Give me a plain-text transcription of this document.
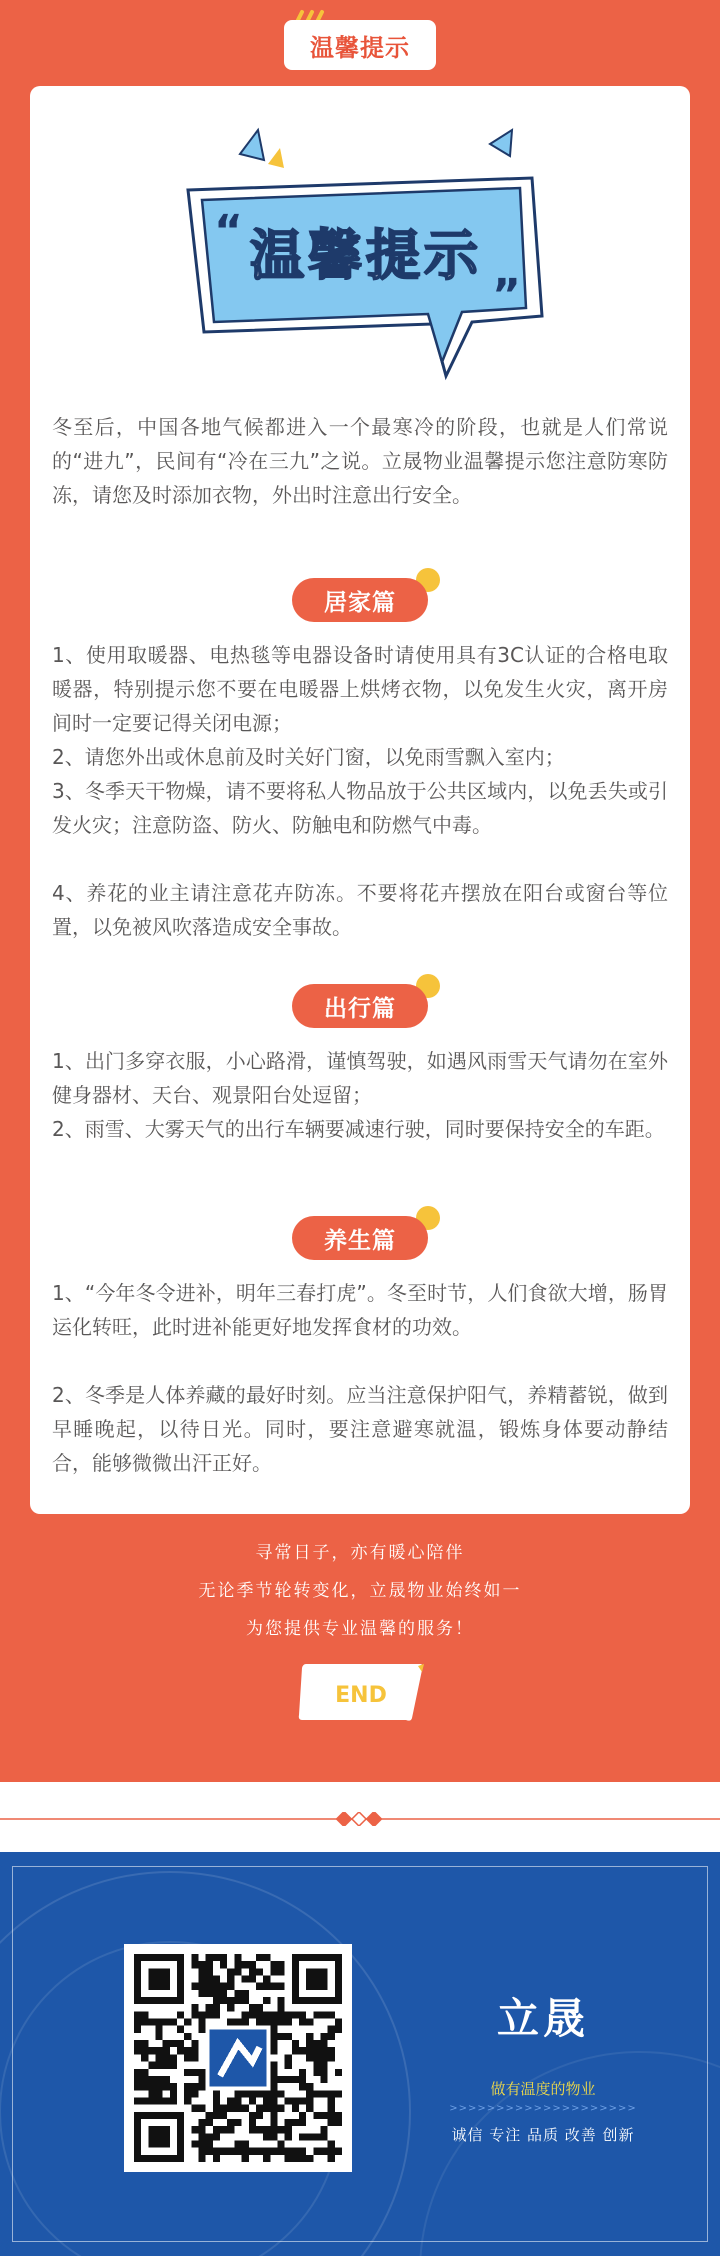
温馨提示
“
”
温馨提示
冬至后，中国各地气候都进入一个最寒冷的阶段，也就是人们常说的“进九”，民间有“冷在三九”之说。立晟物业温馨提示您注意防寒防冻，请您及时添加衣物，外出时注意出行安全。
居家篇
1、使用取暖器、电热毯等电器设备时请使用具有3C认证的合格电取暖器，特别提示您不要在电暖器上烘烤衣物，以免发生火灾，离开房间时一定要记得关闭电源；
2、请您外出或休息前及时关好门窗，以免雨雪飘入室内；
3、冬季天干物燥，请不要将私人物品放于公共区域内，以免丢失或引发火灾；注意防盗、防火、防触电和防燃气中毒。
4、养花的业主请注意花卉防冻。不要将花卉摆放在阳台或窗台等位置，以免被风吹落造成安全事故。
出行篇
1、出门多穿衣服，小心路滑，谨慎驾驶，如遇风雨雪天气请勿在室外健身器材、天台、观景阳台处逗留；
2、雨雪、大雾天气的出行车辆要减速行驶，同时要保持安全的车距。
养生篇
1、“今年冬令进补，明年三春打虎”。冬至时节，人们食欲大增，肠胃运化转旺，此时进补能更好地发挥食材的功效。
2、冬季是人体养藏的最好时刻。应当注意保护阳气，养精蓄锐，做到早睡晚起，以待日光。同时，要注意避寒就温，锻炼身体要动静结合，能够微微出汗正好。
寻常日子，亦有暖心陪伴
无论季节轮转变化，立晟物业始终如一
为您提供专业温馨的服务！
END
立晟
做有温度的物业
>>>>>>>>>>>>>>>>>>>>
诚信 专注 品质 改善 创新
